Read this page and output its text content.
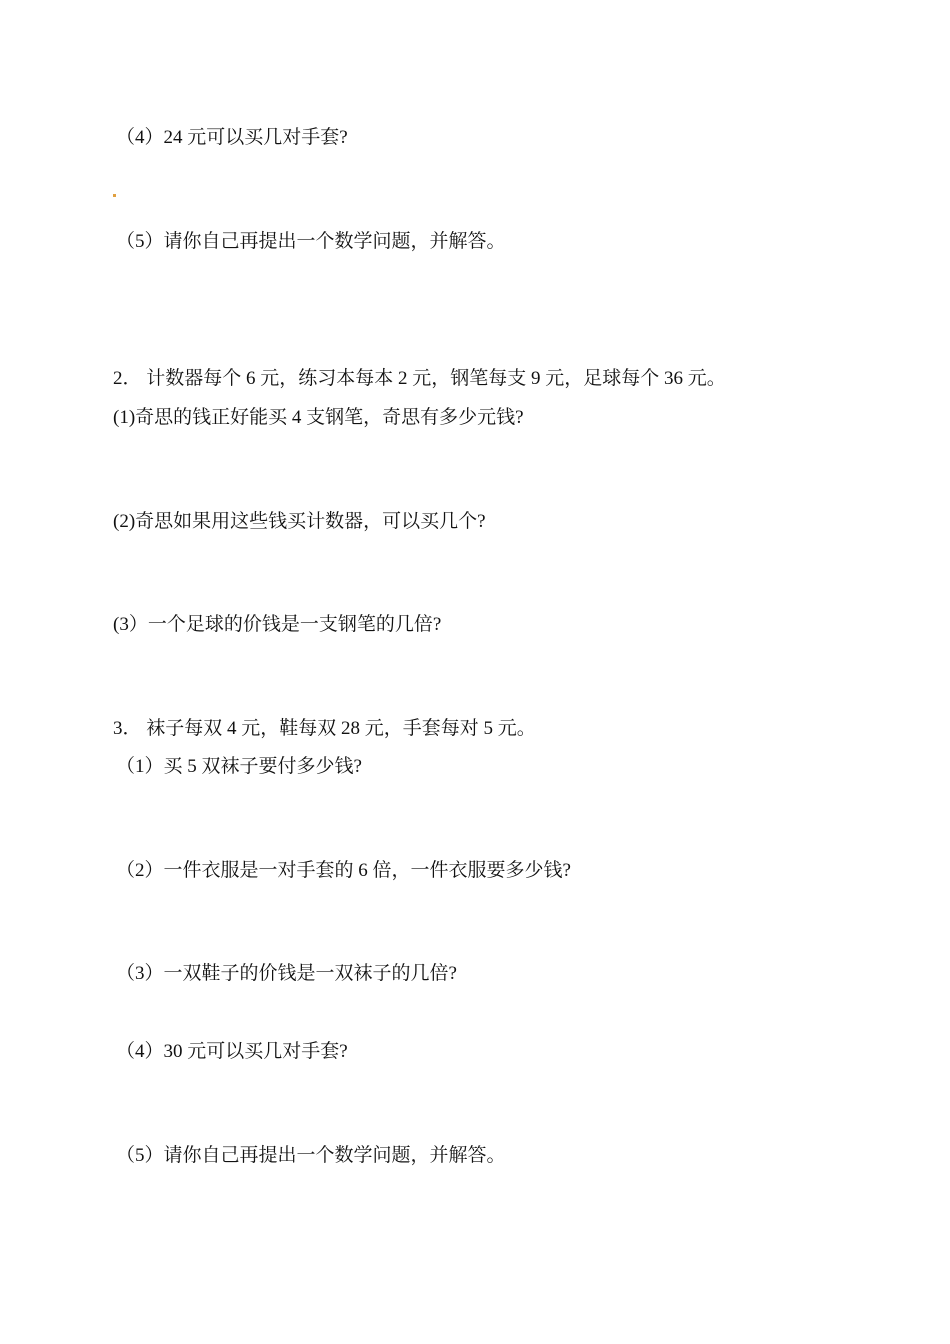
（4）24 元可以买几对手套?
（5）请你自己再提出一个数学问题，并解答。
2． 计数器每个 6 元，练习本每本 2 元，钢笔每支 9 元，足球每个 36 元。
(1)奇思的钱正好能买 4 支钢笔，奇思有多少元钱?
(2)奇思如果用这些钱买计数器，可以买几个?
(3）一个足球的价钱是一支钢笔的几倍?
3． 袜子每双 4 元，鞋每双 28 元，手套每对 5 元。
（1）买 5 双袜子要付多少钱?
（2）一件衣服是一对手套的 6 倍，一件衣服要多少钱?
（3）一双鞋子的价钱是一双袜子的几倍?
（4）30 元可以买几对手套?
（5）请你自己再提出一个数学问题，并解答。
